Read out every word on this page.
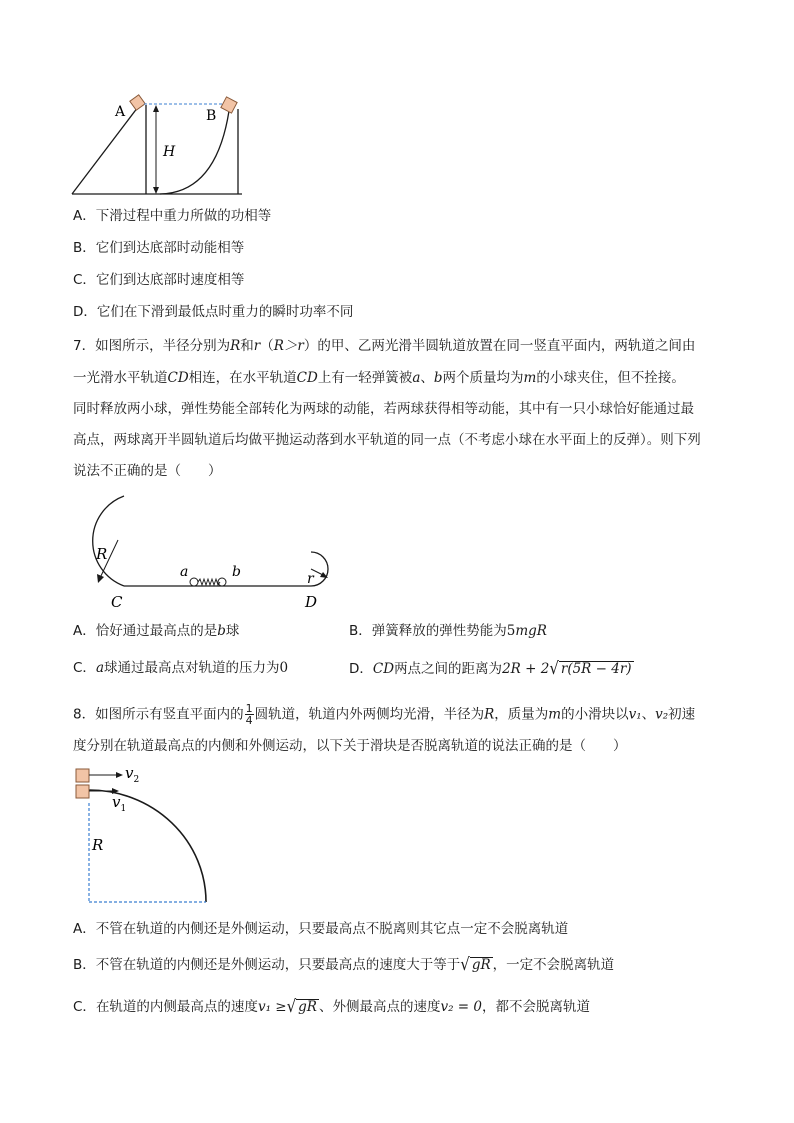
A	B
H
A．下滑过程中重力所做的功相等
B．它们到达底部时动能相等
C．它们到达底部时速度相等
D．它们在下滑到最低点时重力的瞬时功率不同
7．如图所示，半径分别为R和r（R＞r）的甲、乙两光滑半圆轨道放置在同一竖直平面内，两轨道之间由
一光滑水平轨道CD相连，在水平轨道CD上有一轻弹簧被a、b两个质量均为m的小球夹住，但不拴接。
同时释放两小球，弹性势能全部转化为两球的动能，若两球获得相等动能，其中有一只小球恰好能通过最
高点，两球离开半圆轨道后均做平抛运动落到水平轨道的同一点（不考虑小球在水平面上的反弹）。则下列
说法不正确的是（　　）
R
r
a	b
C	D
A．恰好通过最高点的是b球	B．弹簧释放的弹性势能为5mgR
C．a球通过最高点对轨道的压力为0	D．CD两点之间的距离为2R + 2√ r(5R − 4r)
8．如图所示有竖直平面内的 $\frac{1}{4}$ 圆轨道，轨道内外两侧均光滑，半径为R，质量为m的小滑块以v₁、v₂初速
度分别在轨道最高点的内侧和外侧运动，以下关于滑块是否脱离轨道的说法正确的是（　　）
$v_2$
$v_1$
R
A．不管在轨道的内侧还是外侧运动，只要最高点不脱离则其它点一定不会脱离轨道
B．不管在轨道的内侧还是外侧运动，只要最高点的速度大于等于√ gR ，一定不会脱离轨道
C．在轨道的内侧最高点的速度v₁ ≥√ gR 、外侧最高点的速度v₂ = 0，都不会脱离轨道
